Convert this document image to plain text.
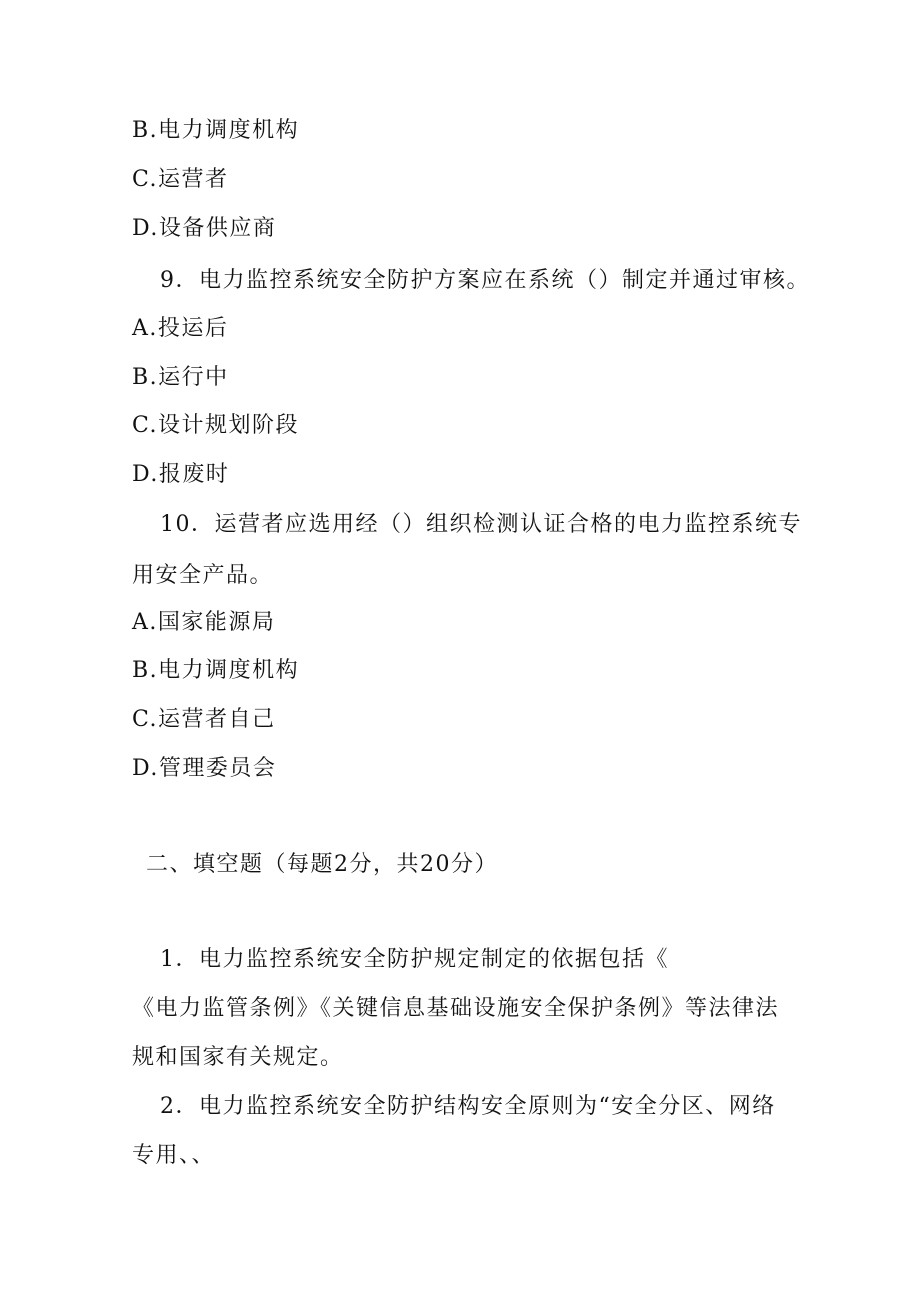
B.电力调度机构
C.运营者
D.设备供应商
9．电力监控系统安全防护方案应在系统（）制定并通过审核。
A.投运后
B.运行中
C.设计规划阶段
D.报废时
10．运营者应选用经（）组织检测认证合格的电力监控系统专
用安全产品。
A.国家能源局
B.电力调度机构
C.运营者自己
D.管理委员会
二、填空题（每题2分，共20分）
1．电力监控系统安全防护规定制定的依据包括《
《电力监管条例》《关键信息基础设施安全保护条例》等法律法
规和国家有关规定。
2．电力监控系统安全防护结构安全原则为“安全分区、网络
专用、、
